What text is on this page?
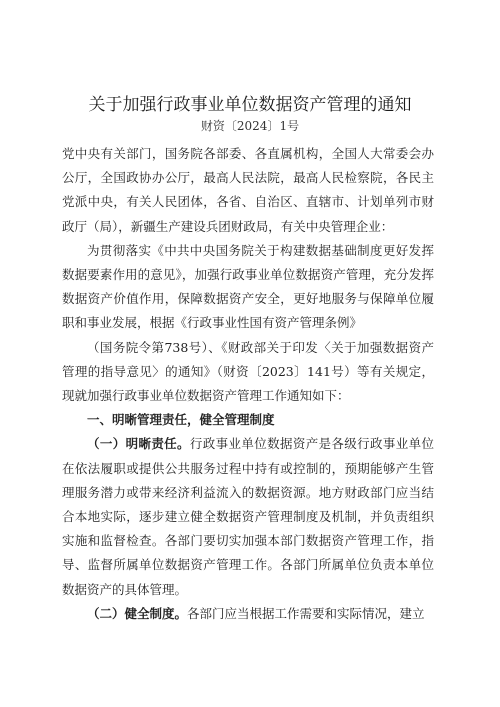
关于加强行政事业单位数据资产管理的通知
财资〔2024〕1号

党中央有关部门，国务院各部委、各直属机构，全国人大常委会办公厅，全国政协办公厅，最高人民法院，最高人民检察院，各民主党派中央，有关人民团体，各省、自治区、直辖市、计划单列市财政厅（局），新疆生产建设兵团财政局，有关中央管理企业：

为贯彻落实《中共中央国务院关于构建数据基础制度更好发挥数据要素作用的意见》，加强行政事业单位数据资产管理，充分发挥数据资产价值作用，保障数据资产安全，更好地服务与保障单位履职和事业发展，根据《行政事业性国有资产管理条例》

（国务院令第738号）、《财政部关于印发〈关于加强数据资产管理的指导意见〉的通知》（财资〔2023〕141号）等有关规定，现就加强行政事业单位数据资产管理工作通知如下：

一、明晰管理责任，健全管理制度

（一）明晰责任。行政事业单位数据资产是各级行政事业单位在依法履职或提供公共服务过程中持有或控制的，预期能够产生管理服务潜力或带来经济利益流入的数据资源。地方财政部门应当结合本地实际，逐步建立健全数据资产管理制度及机制，并负责组织实施和监督检查。各部门要切实加强本部门数据资产管理工作，指导、监督所属单位数据资产管理工作。各部门所属单位负责本单位数据资产的具体管理。

（二）健全制度。各部门应当根据工作需要和实际情况，建立
